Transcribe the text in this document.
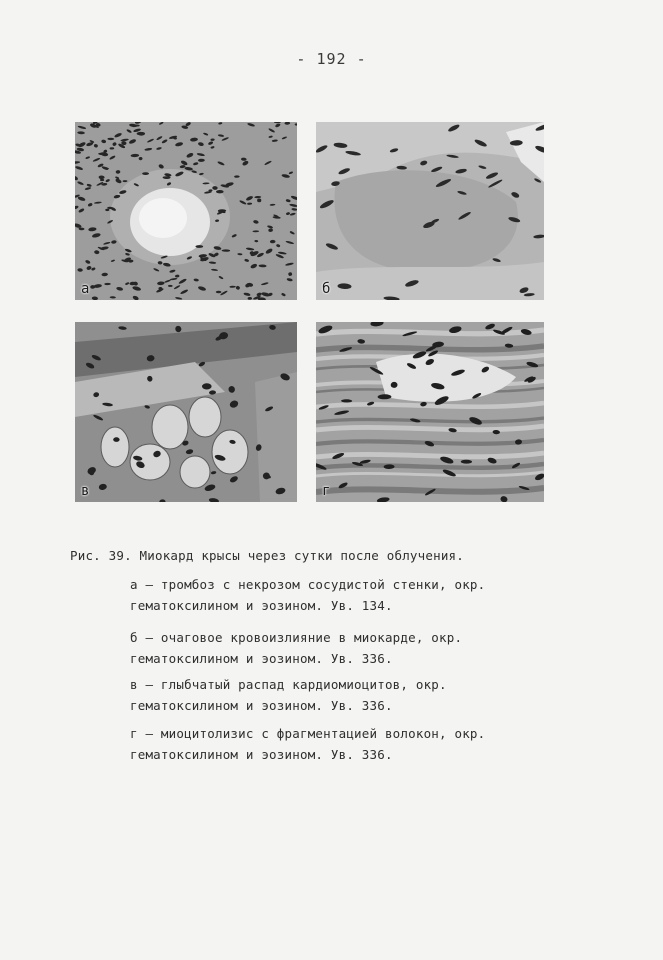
- 192 -
а	б
в	г
Рис. 39. Миокард крысы через сутки после облучения.
а – тромбоз с некрозом сосудистой стенки, окр. гематоксилином и эозином. Ув. 134.
б – очаговое кровоизлияние в миокарде, окр. гематоксилином и эозином. Ув. 336.
в – глыбчатый распад кардиомиоцитов, окр. гематоксилином и эозином. Ув. 336.
г – миоцитолизис с фрагментацией волокон, окр. гематоксилином и эозином. Ув. 336.
